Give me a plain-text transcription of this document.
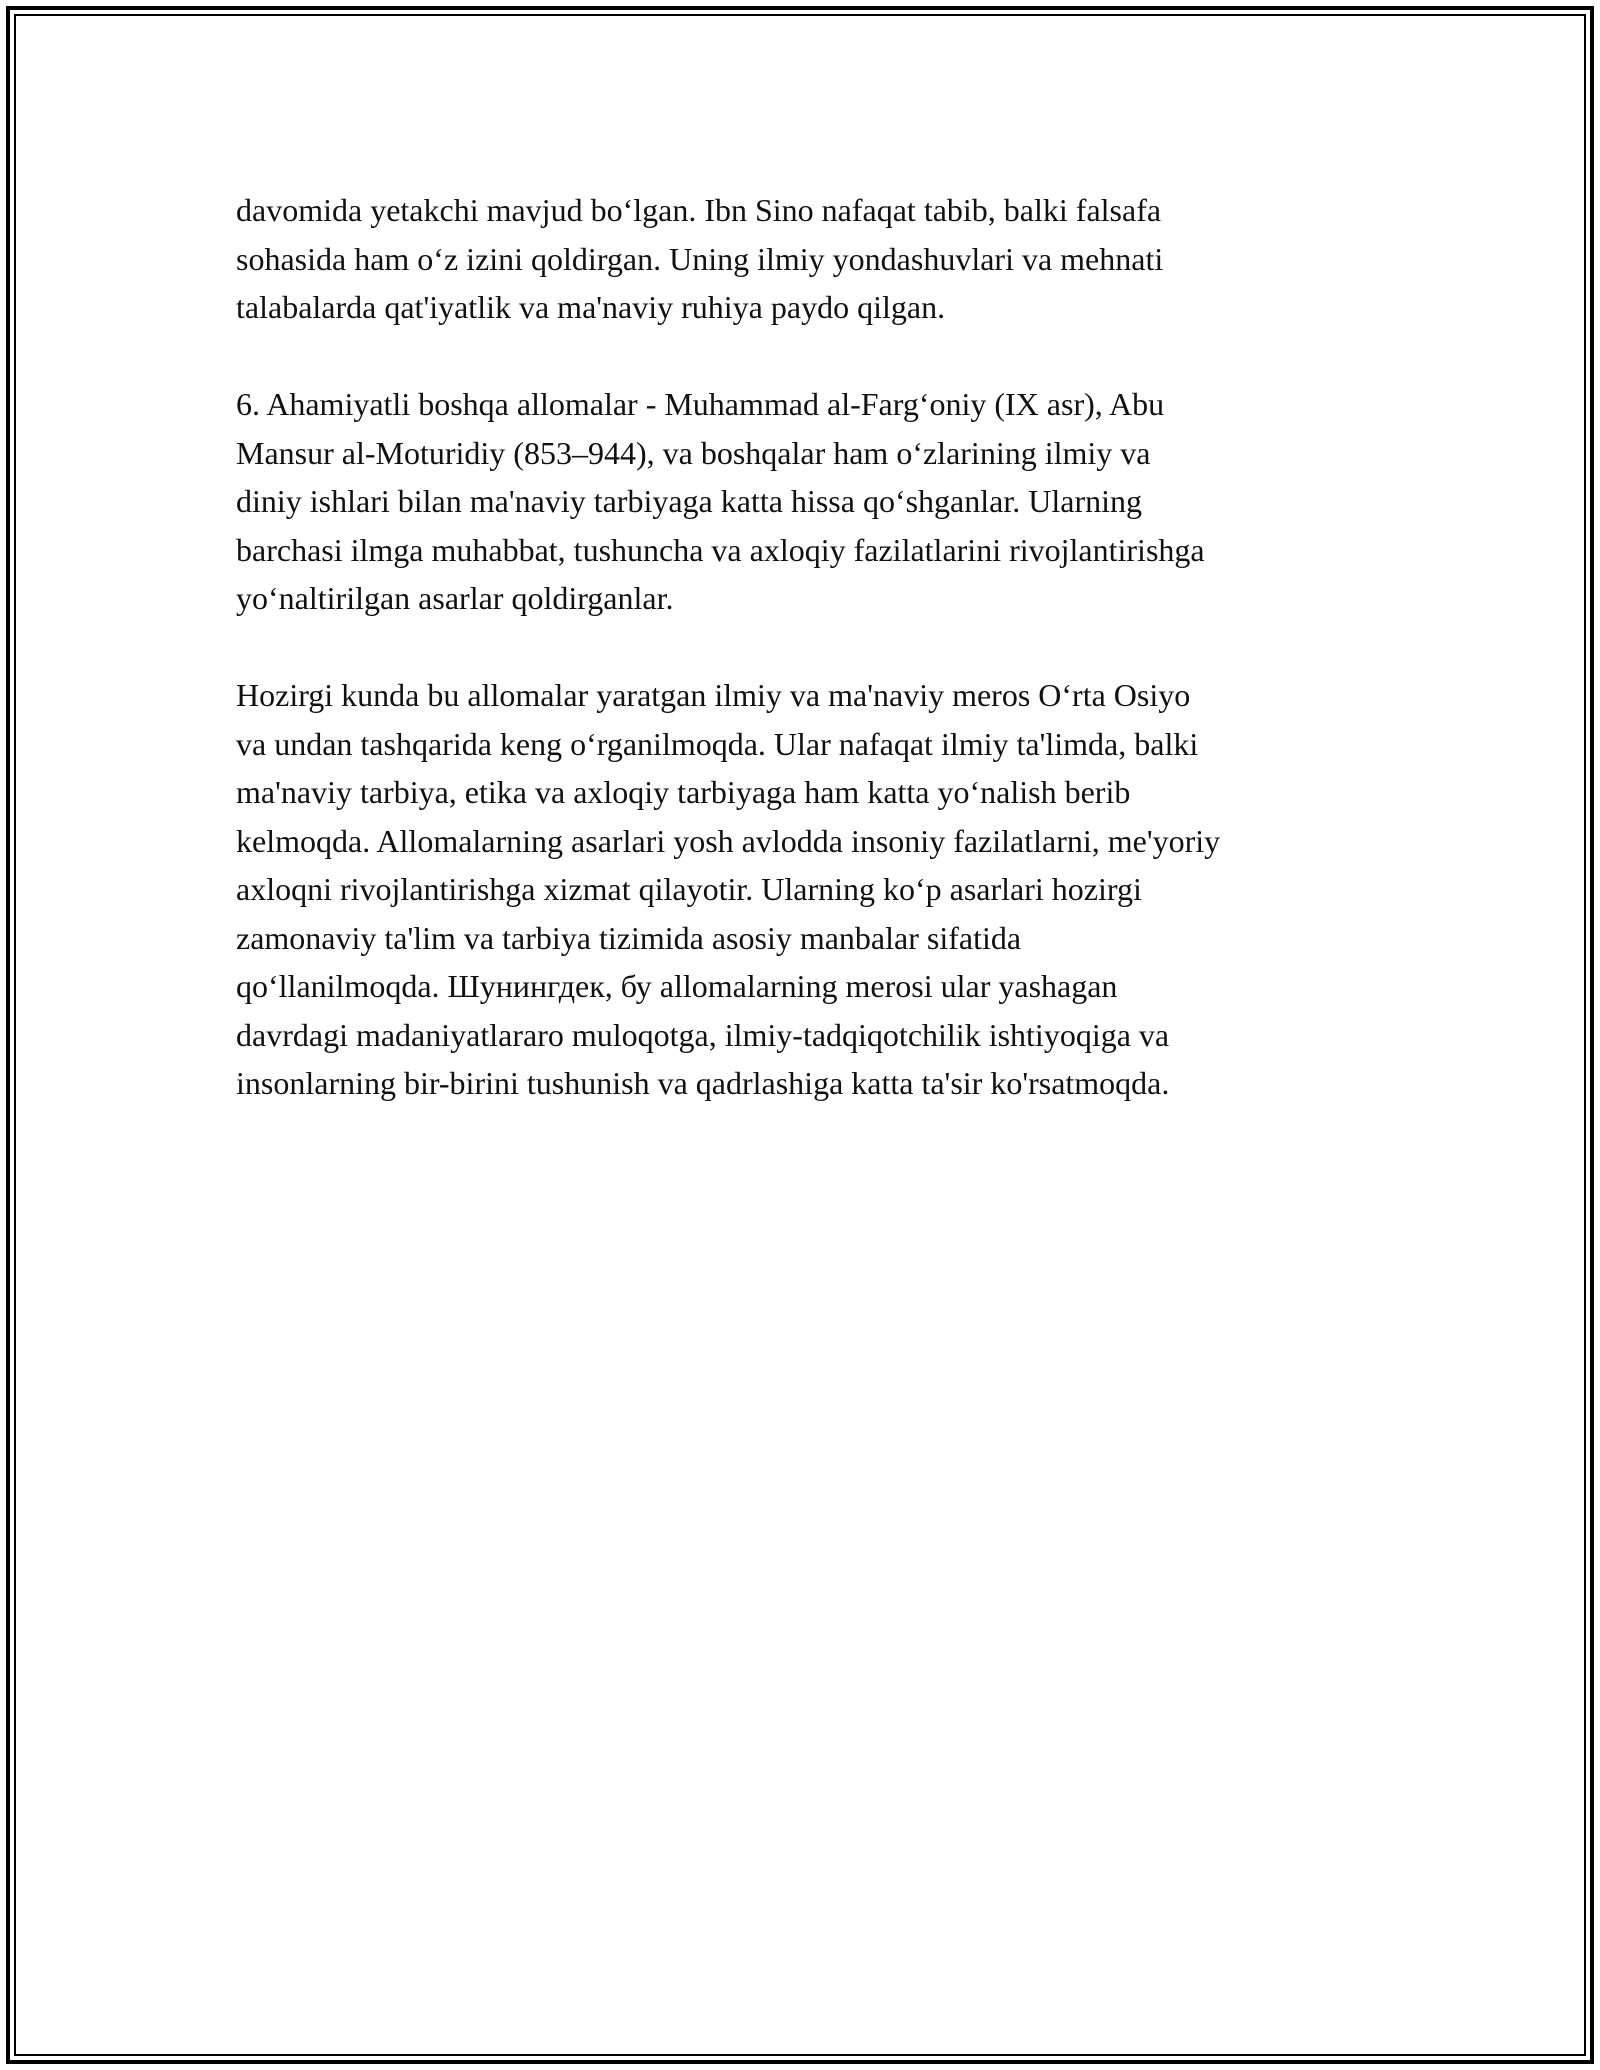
davomida yetakchi mavjud bo‘lgan. Ibn Sino nafaqat tabib, balki falsafa
sohasida ham o‘z izini qoldirgan. Uning ilmiy yondashuvlari va mehnati
talabalarda qat'iyatlik va ma'naviy ruhiya paydo qilgan.

6. Ahamiyatli boshqa allomalar - Muhammad al-Farg‘oniy (IX asr), Abu
Mansur al-Moturidiy (853–944), va boshqalar ham o‘zlarining ilmiy va
diniy ishlari bilan ma'naviy tarbiyaga katta hissa qo‘shganlar. Ularning
barchasi ilmga muhabbat, tushuncha va axloqiy fazilatlarini rivojlantirishga
yo‘naltirilgan asarlar qoldirganlar.

Hozirgi kunda bu allomalar yaratgan ilmiy va ma'naviy meros O‘rta Osiyo
va undan tashqarida keng o‘rganilmoqda. Ular nafaqat ilmiy ta'limda, balki
ma'naviy tarbiya, etika va axloqiy tarbiyaga ham katta yo‘nalish berib
kelmoqda. Allomalarning asarlari yosh avlodda insoniy fazilatlarni, me'yoriy
axloqni rivojlantirishga xizmat qilayotir. Ularning ko‘p asarlari hozirgi
zamonaviy ta'lim va tarbiya tizimida asosiy manbalar sifatida
qo‘llanilmoqda. Шунингдек, бу allomalarning merosi ular yashagan
davrdagi madaniyatlararo muloqotga, ilmiy-tadqiqotchilik ishtiyoqiga va
insonlarning bir-birini tushunish va qadrlashiga katta ta'sir ko'rsatmoqda.
